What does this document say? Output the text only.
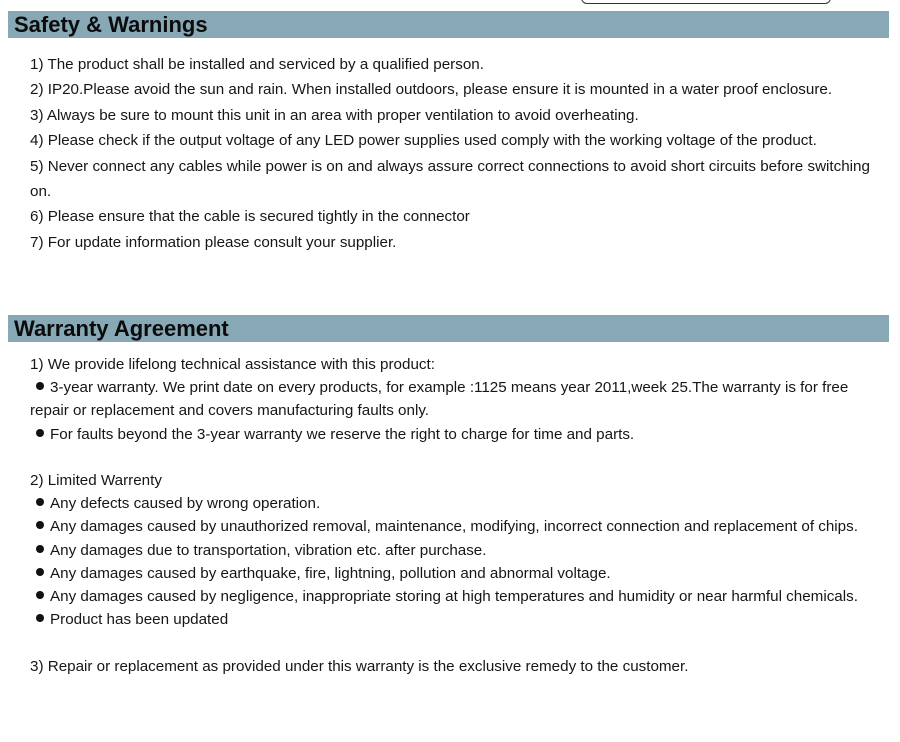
Safety & Warnings

1) The product shall be installed and serviced by a qualified person.

2) IP20.Please avoid the sun and rain. When installed outdoors, please ensure it is mounted in a water proof enclosure.

3) Always be sure to mount this unit in an area with proper ventilation to avoid overheating.

4) Please check if the output voltage of any LED power supplies used comply with the working voltage of the product.

5) Never connect any cables while power is on and always assure correct connections to avoid short circuits before switching on.

6) Please ensure that the cable is secured tightly in the connector

7) For update information please consult your supplier.

Warranty Agreement

1) We provide lifelong technical assistance with this product:

3-year warranty. We print date on every products, for example :1125 means year 2011,week 25.The warranty is for free repair or replacement and covers manufacturing faults only.

For faults beyond the 3-year warranty we reserve the right to charge for time and parts.

2) Limited Warrenty

Any defects caused by wrong operation.

Any damages caused by unauthorized removal, maintenance, modifying, incorrect connection and replacement of chips.

Any damages due to transportation, vibration etc. after purchase.

Any damages caused by earthquake, fire, lightning, pollution and abnormal voltage.

Any damages caused by negligence, inappropriate storing at high temperatures and humidity or near harmful chemicals.

Product has been updated

3) Repair or replacement as provided under this warranty is the exclusive remedy to the customer.
